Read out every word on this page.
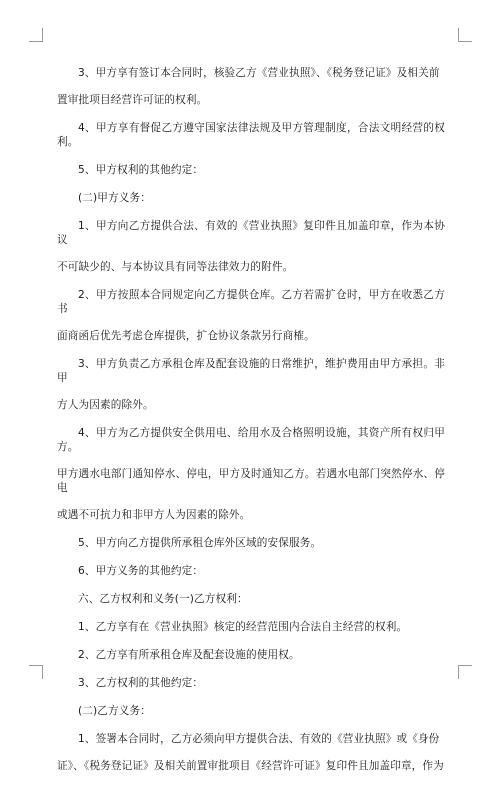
3、甲方享有签订本合同时，核验乙方《营业执照》、《税务登记证》及相关前
置审批项目经营许可证的权利。
4、甲方享有督促乙方遵守国家法律法规及甲方管理制度，合法文明经营的权利。
5、甲方权利的其他约定：
(二)甲方义务：
1、甲方向乙方提供合法、有效的《营业执照》复印件且加盖印章，作为本协议
不可缺少的、与本协议具有同等法律效力的附件。
2、甲方按照本合同规定向乙方提供仓库。乙方若需扩仓时，甲方在收悉乙方书
面商函后优先考虑仓库提供，扩仓协议条款另行商榷。
3、甲方负责乙方承租仓库及配套设施的日常维护，维护费用由甲方承担。非甲
方人为因素的除外。
4、甲方为乙方提供安全供用电、给用水及合格照明设施，其资产所有权归甲方。
甲方遇水电部门通知停水、停电，甲方及时通知乙方。若遇水电部门突然停水、停电
或遇不可抗力和非甲方人为因素的除外。
5、甲方向乙方提供所承租仓库外区域的安保服务。
6、甲方义务的其他约定：
六、乙方权利和义务(一)乙方权利：
1、乙方享有在《营业执照》核定的经营范围内合法自主经营的权利。
2、乙方享有所承租仓库及配套设施的使用权。
3、乙方权利的其他约定：
(二)乙方义务：
1、签署本合同时，乙方必须向甲方提供合法、有效的《营业执照》或《身份
证》、《税务登记证》及相关前置审批项目《经营许可证》复印件且加盖印章，作为
